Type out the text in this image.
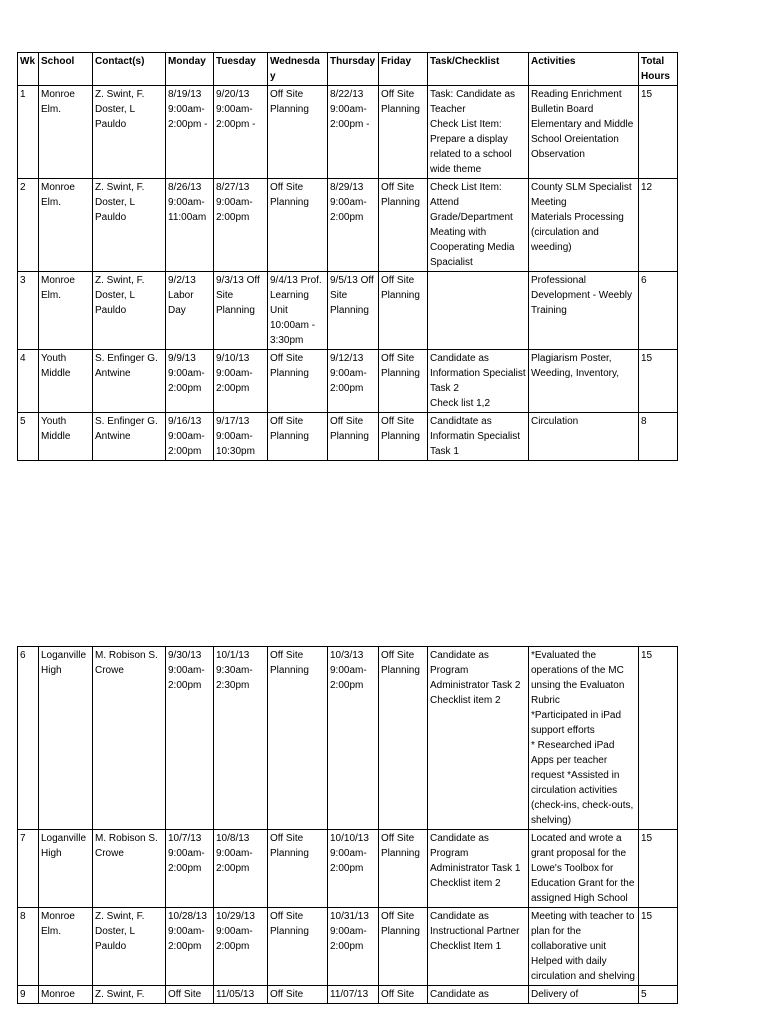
Wk	School	Contact(s)	Monday	Tuesday	Wednesday	Thursday	Friday	Task/Checklist	Activities	Total Hours
1	Monroe Elm.	Z. Swint, F. Doster, L Pauldo	8/19/13 9:00am-2:00pm -	9/20/13 9:00am-2:00pm -	Off Site Planning	8/22/13 9:00am-2:00pm -	Off Site Planning	Task: Candidate as Teacher
Check List Item: Prepare a display related to a school wide theme	Reading Enrichment Bulletin Board Elementary and Middle School Oreientation Observation	15
2	Monroe Elm.	Z. Swint, F. Doster, L Pauldo	8/26/13 9:00am-11:00am	8/27/13 9:00am-2:00pm	Off Site Planning	8/29/13 9:00am-2:00pm	Off Site Planning	Check List Item: Attend Grade/Department Meating with Cooperating Media Spacialist	County SLM Specialist Meeting
Materials Processing (circulation and weeding)	12
3	Monroe Elm.	Z. Swint, F. Doster, L Pauldo	9/2/13 Labor Day	9/3/13 Off Site Planning	9/4/13 Prof. Learning Unit 10:00am - 3:30pm	9/5/13 Off Site Planning	Off Site Planning		Professional Development - Weebly Training	6
4	Youth Middle	S. Enfinger G. Antwine	9/9/13 9:00am-2:00pm	9/10/13 9:00am-2:00pm	Off Site Planning	9/12/13 9:00am-2:00pm	Off Site Planning	Candidate as Information Specialist Task 2
Check list 1,2	Plagiarism Poster, Weeding, Inventory,	15
5	Youth Middle	S. Enfinger G. Antwine	9/16/13 9:00am-2:00pm	9/17/13 9:00am-10:30pm	Off Site Planning	Off Site Planning	Off Site Planning	Candidtate as Informatin Specialist Task 1	Circulation	8
6	Loganville High	M. Robison S. Crowe	9/30/13 9:00am-2:00pm	10/1/13 9:30am-2:30pm	Off Site Planning	10/3/13 9:00am-2:00pm	Off Site Planning	Candidate as Program Administrator Task 2
Checklist item 2	*Evaluated the operations of the MC unsing the Evaluaton Rubric
*Participated in iPad support efforts
* Researched iPad Apps per teacher request *Assisted in circulation activities (check-ins, check-outs, shelving)	15
7	Loganville High	M. Robison S. Crowe	10/7/13 9:00am-2:00pm	10/8/13 9:00am-2:00pm	Off Site Planning	10/10/13 9:00am-2:00pm	Off Site Planning	Candidate as Program Administrator Task 1
Checklist item 2	Located and wrote a grant proposal for the Lowe's Toolbox for Education Grant for the assigned High School	15
8	Monroe Elm.	Z. Swint, F. Doster, L Pauldo	10/28/13 9:00am-2:00pm	10/29/13 9:00am-2:00pm	Off Site Planning	10/31/13 9:00am-2:00pm	Off Site Planning	Candidate as Instructional Partner Checklist Item 1	Meeting with teacher to plan for the collaborative unit Helped with daily circulation and shelving	15
9	Monroe	Z. Swint, F.	Off Site	11/05/13	Off Site	11/07/13	Off Site	Candidate as	Delivery of	5
